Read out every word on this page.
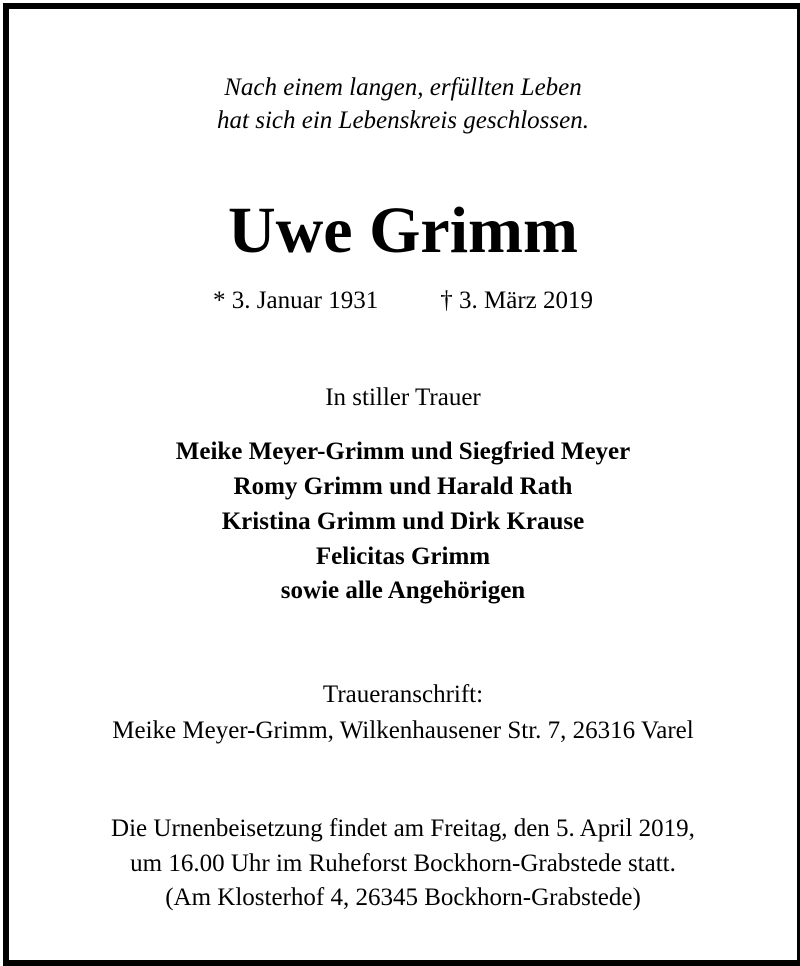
Nach einem langen, erfüllten Leben
hat sich ein Lebenskreis geschlossen.
Uwe Grimm
* 3. Januar 1931 † 3. März 2019
In stiller Trauer
Meike Meyer-Grimm und Siegfried Meyer
Romy Grimm und Harald Rath
Kristina Grimm und Dirk Krause
Felicitas Grimm
sowie alle Angehörigen
Traueranschrift:
Meike Meyer-Grimm, Wilkenhausener Str. 7, 26316 Varel
Die Urnenbeisetzung findet am Freitag, den 5. April 2019,
um 16.00 Uhr im Ruheforst Bockhorn-Grabstede statt.
(Am Klosterhof 4, 26345 Bockhorn-Grabstede)
